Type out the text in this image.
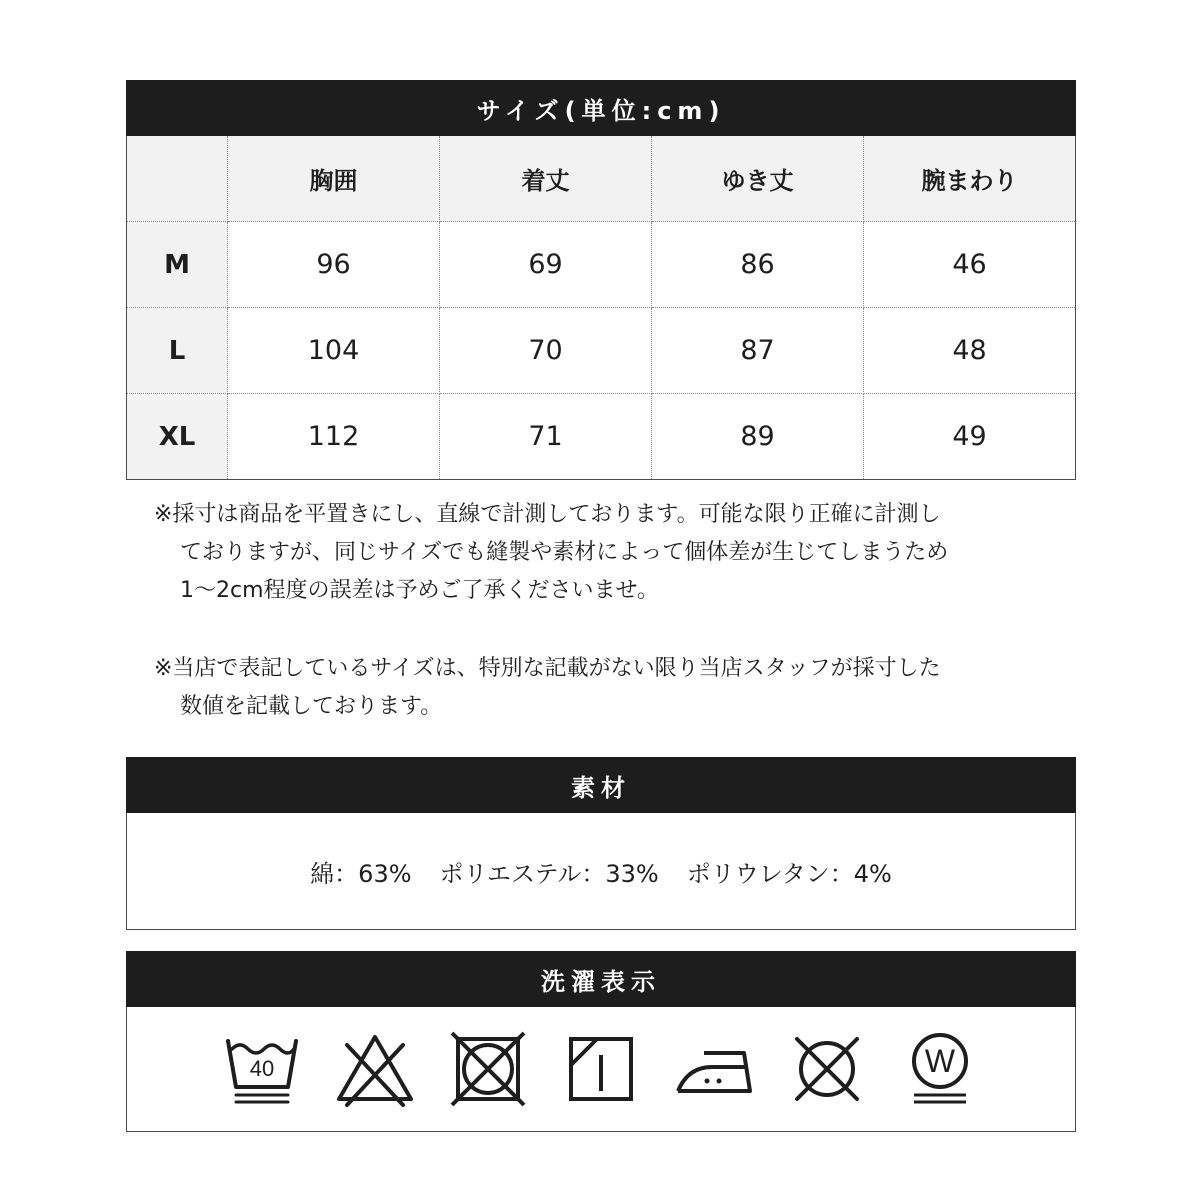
サイズ(単位:cm)
	胸囲	着丈	ゆき丈	腕まわり
M	96	69	86	46
L	104	70	87	48
XL	112	71	89	49

※採寸は商品を平置きにし、直線で計測しております。可能な限り正確に計測し

ておりますが、同じサイズでも縫製や素材によって個体差が生じてしまうため

1～2cm程度の誤差は予めご了承くださいませ。

※当店で表記しているサイズは、特別な記載がない限り当店スタッフが採寸した

数値を記載しております。

素材
綿：63% ポリエステル：33% ポリウレタン：4%
洗濯表示
40	W
